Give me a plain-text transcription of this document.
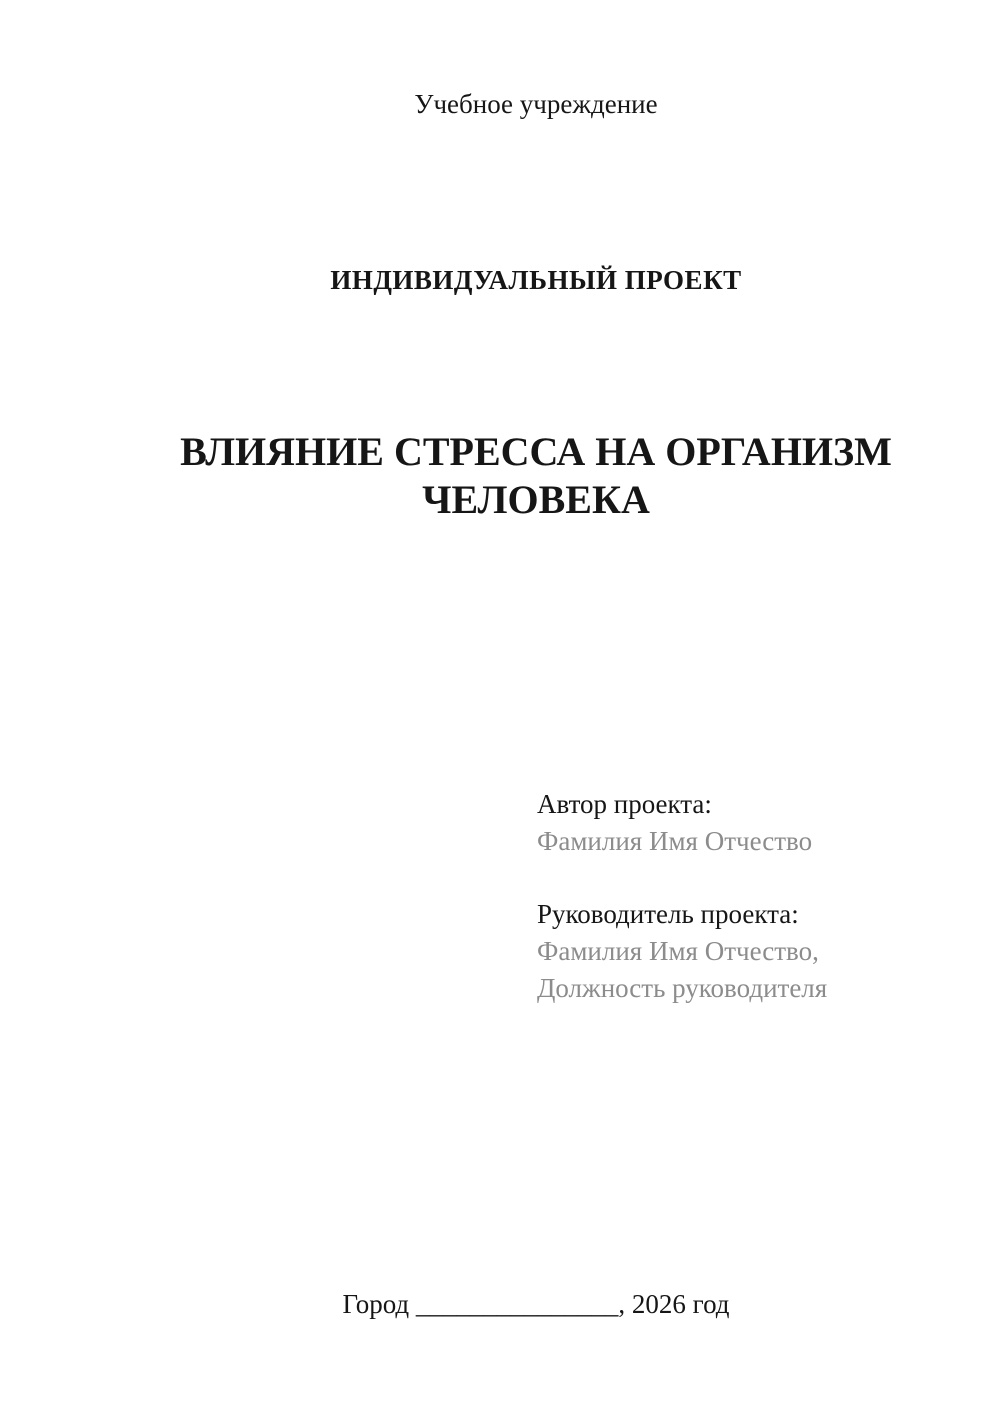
Учебное учреждение
ИНДИВИДУАЛЬНЫЙ ПРОЕКТ
ВЛИЯНИЕ СТРЕССА НА ОРГАНИЗМ ЧЕЛОВЕКА
Автор проекта:
Фамилия Имя Отчество
Руководитель проекта:
Фамилия Имя Отчество,
Должность руководителя
Город _______________, 2026 год
